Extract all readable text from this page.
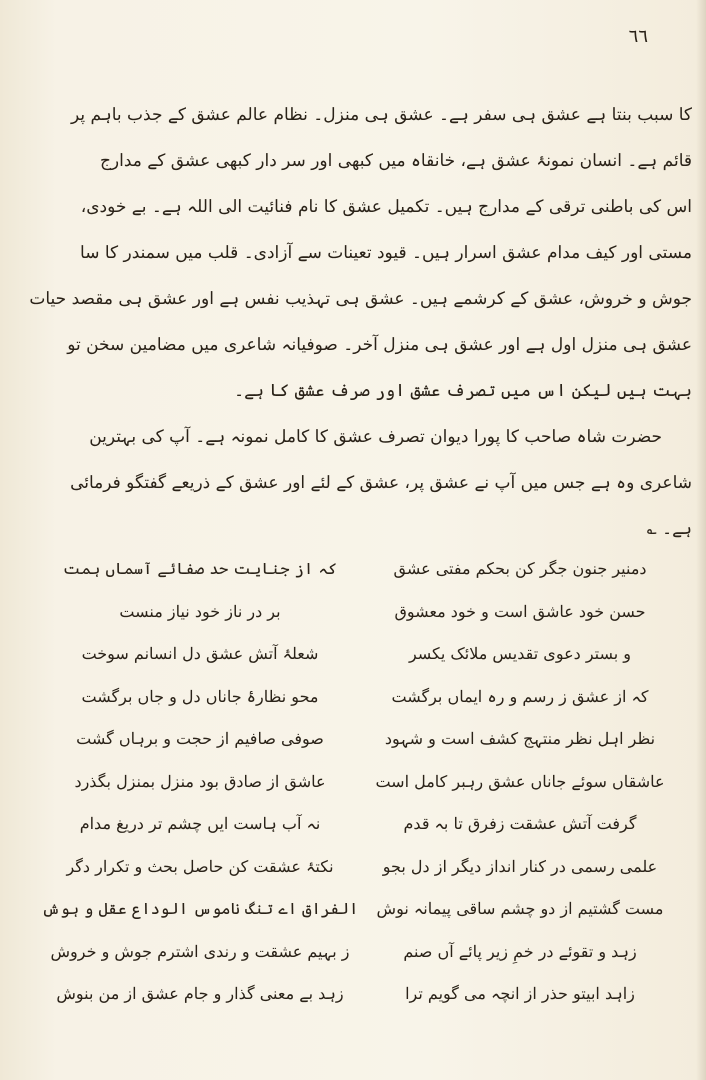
٦٦
کا سبب بنتا ہے عشق ہی سفر ہے۔ عشق ہی منزل۔ نظام عالم عشق کے جذب باہم پر
قائم ہے۔ انسان نمونۂ عشق ہے، خانقاہ میں کبھی اور سر دار کبھی عشق کے مدارج
اس کی باطنی ترقی کے مدارج ہیں۔ تکمیل عشق کا نام فنائیت الی اللہ ہے۔ بے خودی،
مستی اور کیف مدام عشق اسرار ہیں۔ قیود تعینات سے آزادی۔ قلب میں سمندر کا سا
جوش و خروش، عشق کے کرشمے ہیں۔ عشق ہی تہذیب نفس ہے اور عشق ہی مقصد حیات
عشق ہی منزل اول ہے اور عشق ہی منزل آخر۔ صوفیانہ شاعری میں مضامین سخن تو
بہت ہیں لیکن اس میں تصرف عشق اور صرف عشق کا ہے۔
حضرت شاہ صاحب کا پورا دیوان تصرف عشق کا کامل نمونہ ہے۔ آپ کی بہترین
شاعری وہ ہے جس میں آپ نے عشق پر، عشق کے لئے اور عشق کے ذریعے گفتگو فرمائی
ہے۔ ؎
دمنیر جنون جگر کن بحکم مفتی عشق
کہ از جنایت حد صفائے آسماں ہمت
حسن خود عاشق است و خود معشوق
بر در ناز خود نیاز منست
و بستر دعوی تقدیس ملائک یکسر
شعلۂ آتش عشق دل انسانم سوخت
کہ از عشق ز رسم و رہ ایماں برگشت
محو نظارۂ جاناں دل و جاں برگشت
نظر اہل نظر منتہج کشف است و شہود
صوفی صافیم از حجت و برہاں گشت
عاشقاں سوئے جاناں عشق رہبر کامل است
عاشق از صادق بود منزل بمنزل بگذرد
گرفت آتش عشقت زفرق تا بہ قدم
نہ آب ہاست ایں چشم تر دریغ مدام
علمی رسمی در کنار انداز دیگر از دل بجو
نکتۂ عشقت کن حاصل بحث و تکرار دگر
مست گشتیم از دو چشم ساقی پیمانہ نوش
الفراق اے تنگ ناموس الوداع عقل و ہوش
زہد و تقوئے در خمِ زیر پائے آں صنم
ز بہیم عشقت و رندی اشترم جوش و خروش
زاہد ابیتو حذر از انچہ می گویم ترا
زہد بے معنی گذار و جام عشق از من بنوش
